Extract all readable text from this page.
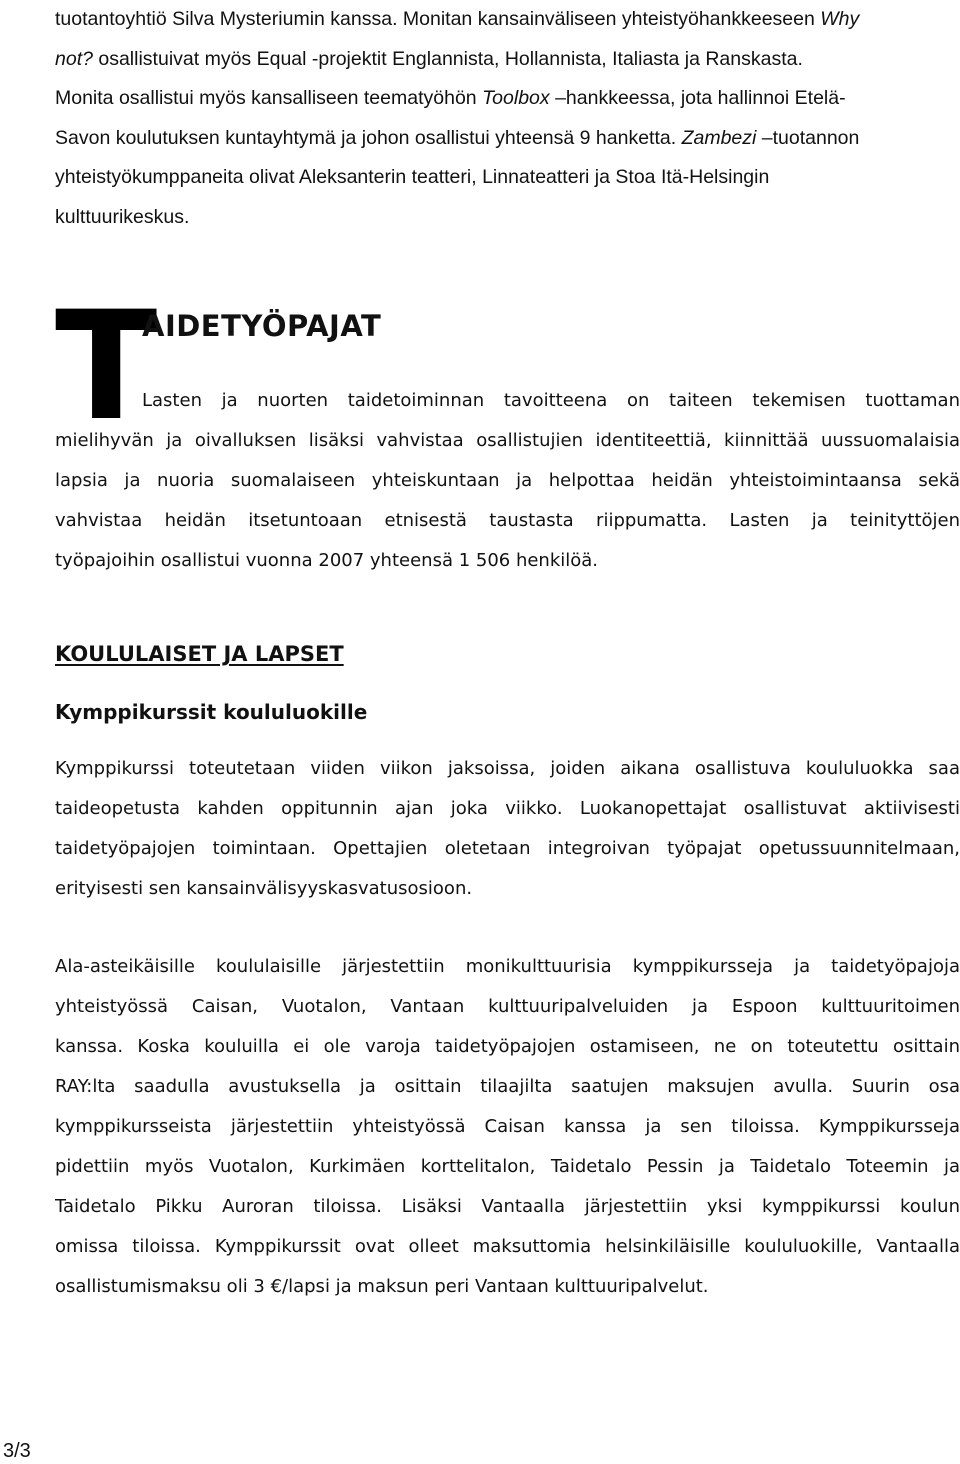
tuotantoyhtiö Silva Mysteriumin kanssa. Monitan kansainväliseen yhteistyöhankkeeseen Why
not? osallistuivat myös Equal -projektit Englannista, Hollannista, Italiasta ja Ranskasta.
Monita osallistui myös kansalliseen teematyöhön Toolbox –hankkeessa, jota hallinnoi Etelä-
Savon koulutuksen kuntayhtymä ja johon osallistui yhteensä 9 hanketta. Zambezi –tuotannon
yhteistyökumppaneita olivat Aleksanterin teatteri, Linnateatteri ja Stoa Itä-Helsingin
kulttuurikeskus.
T
AIDETYÖPAJAT
Lasten ja nuorten taidetoiminnan tavoitteena on taiteen tekemisen tuottaman
mielihyvän ja oivalluksen lisäksi vahvistaa osallistujien identiteettiä, kiinnittää uussuomalaisia
lapsia ja nuoria suomalaiseen yhteiskuntaan ja helpottaa heidän yhteistoimintaansa sekä
vahvistaa heidän itsetuntoaan etnisestä taustasta riippumatta. Lasten ja teinityttöjen
työpajoihin osallistui vuonna 2007 yhteensä 1 506 henkilöä.
KOULULAISET JA LAPSET
Kymppikurssit koululuokille
Kymppikurssi toteutetaan viiden viikon jaksoissa, joiden aikana osallistuva koululuokka saa
taideopetusta kahden oppitunnin ajan joka viikko. Luokanopettajat osallistuvat aktiivisesti
taidetyöpajojen toimintaan. Opettajien oletetaan integroivan työpajat opetussuunnitelmaan,
erityisesti sen kansainvälisyyskasvatusosioon.
Ala-asteikäisille koululaisille järjestettiin monikulttuurisia kymppikursseja ja taidetyöpajoja
yhteistyössä Caisan, Vuotalon, Vantaan kulttuuripalveluiden ja Espoon kulttuuritoimen
kanssa. Koska kouluilla ei ole varoja taidetyöpajojen ostamiseen, ne on toteutettu osittain
RAY:lta saadulla avustuksella ja osittain tilaajilta saatujen maksujen avulla. Suurin osa
kymppikursseista järjestettiin yhteistyössä Caisan kanssa ja sen tiloissa. Kymppikursseja
pidettiin myös Vuotalon, Kurkimäen korttelitalon, Taidetalo Pessin ja Taidetalo Toteemin ja
Taidetalo Pikku Auroran tiloissa. Lisäksi Vantaalla järjestettiin yksi kymppikurssi koulun
omissa tiloissa. Kymppikurssit ovat olleet maksuttomia helsinkiläisille koululuokille, Vantaalla
osallistumismaksu oli 3 €/lapsi ja maksun peri Vantaan kulttuuripalvelut.
3/3
